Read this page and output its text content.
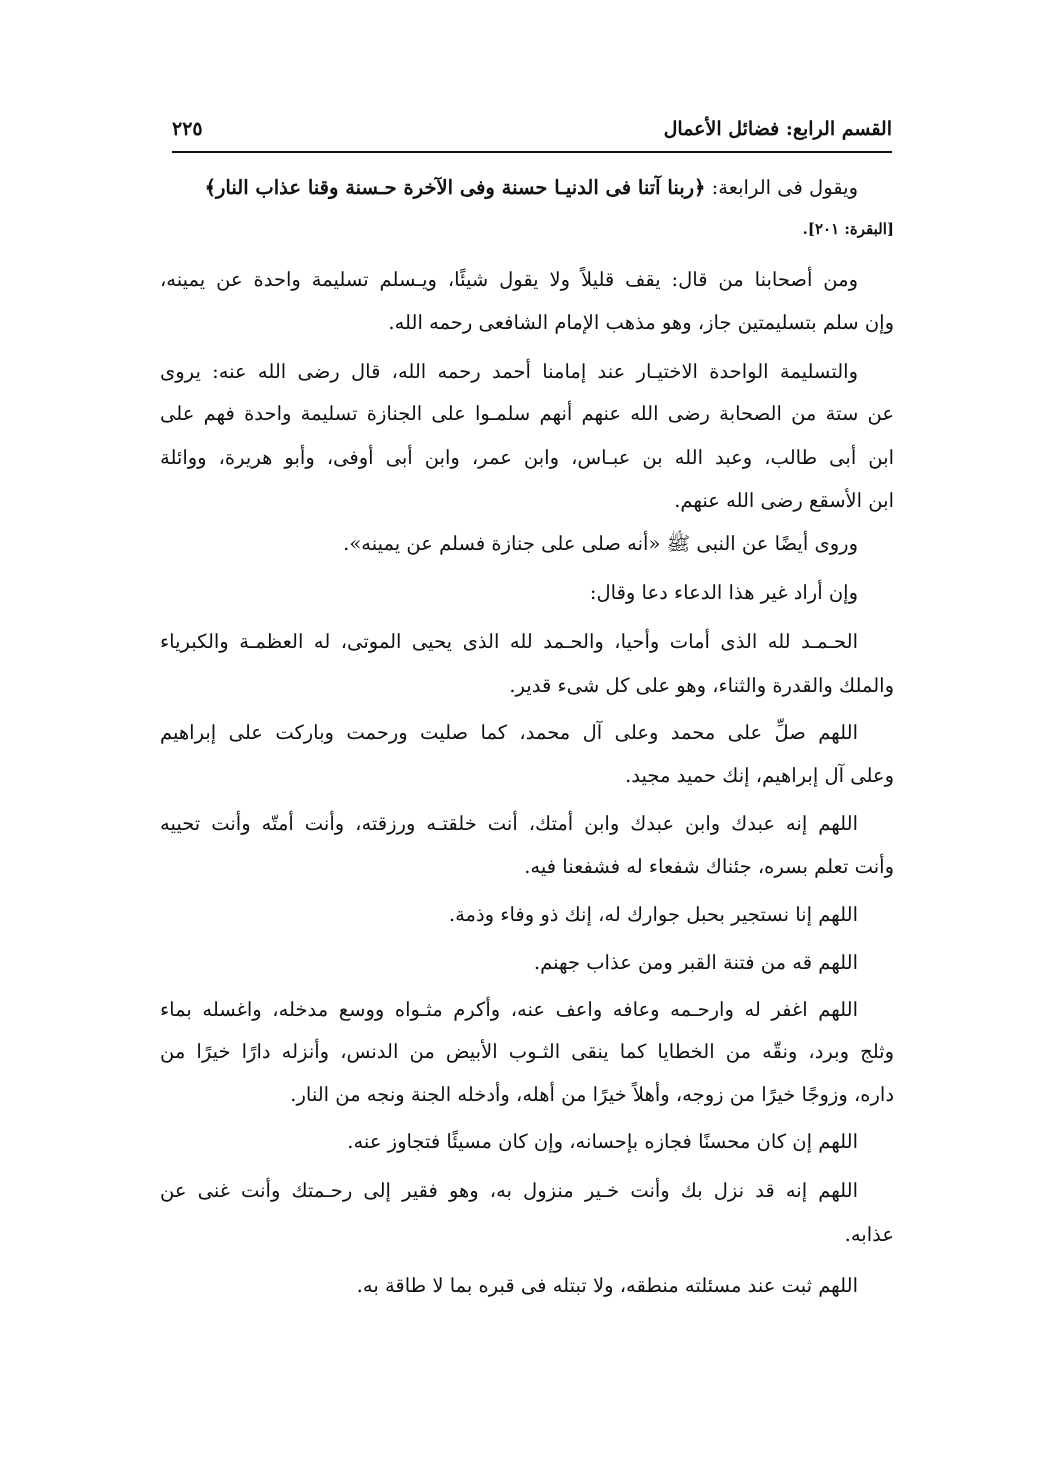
القسم الرابع: فضائل الأعمال
٢٢٥
ويقول فى الرابعة: ﴿ربنا آتنا فى الدنيـا حسنة وفى الآخرة حـسنة وقنا عذاب النار﴾
[البقرة: ٢٠١].
ومن أصحابنا من قال: يقف قليلاً ولا يقول شيئًا، ويـسلم تسليمة واحدة عن يمينه،
وإن سلم بتسليمتين جاز، وهو مذهب الإمام الشافعى رحمه الله.
والتسليمة الواحدة الاختيـار عند إمامنا أحمد رحمه الله، قال رضى الله عنه: يروى
عن ستة من الصحابة رضى الله عنهم أنهم سلمـوا على الجنازة تسليمة واحدة فهم على
ابن أبى طالب، وعبد الله بن عبـاس، وابن عمر، وابن أبى أوفى، وأبو هريرة، ووائلة
ابن الأسقع رضى الله عنهم.
وروى أيضًا عن النبى ﷺ «أنه صلى على جنازة فسلم عن يمينه».
وإن أراد غير هذا الدعاء دعا وقال:
الحـمـد لله الذى أمات وأحيا، والحـمد لله الذى يحيى الموتى، له العظمـة والكبرياء
والملك والقدرة والثناء، وهو على كل شىء قدير.
اللهم صلِّ على محمد وعلى آل محمد، كما صليت ورحمت وباركت على إبراهيم
وعلى آل إبراهيم، إنك حميد مجيد.
اللهم إنه عبدك وابن عبدك وابن أمتك، أنت خلقتـه ورزقته، وأنت أمتّه وأنت تحييه
وأنت تعلم بسره، جئناك شفعاء له فشفعنا فيه.
اللهم إنا نستجير بحبل جوارك له، إنك ذو وفاء وذمة.
اللهم قه من فتنة القبر ومن عذاب جهنم.
اللهم اغفر له وارحـمه وعافه واعف عنه، وأكرم مثـواه ووسع مدخله، واغسله بماء
وثلج وبرد، ونقّه من الخطايا كما ينقى الثـوب الأبيض من الدنس، وأنزله دارًا خيرًا من
داره، وزوجًا خيرًا من زوجه، وأهلاً خيرًا من أهله، وأدخله الجنة ونجه من النار.
اللهم إن كان محسنًا فجازه بإحسانه، وإن كان مسيئًا فتجاوز عنه.
اللهم إنه قد نزل بك وأنت خـير منزول به، وهو فقير إلى رحـمتك وأنت غنى عن
عذابه.
اللهم ثبت عند مسئلته منطقه، ولا تبتله فى قبره بما لا طاقة به.
